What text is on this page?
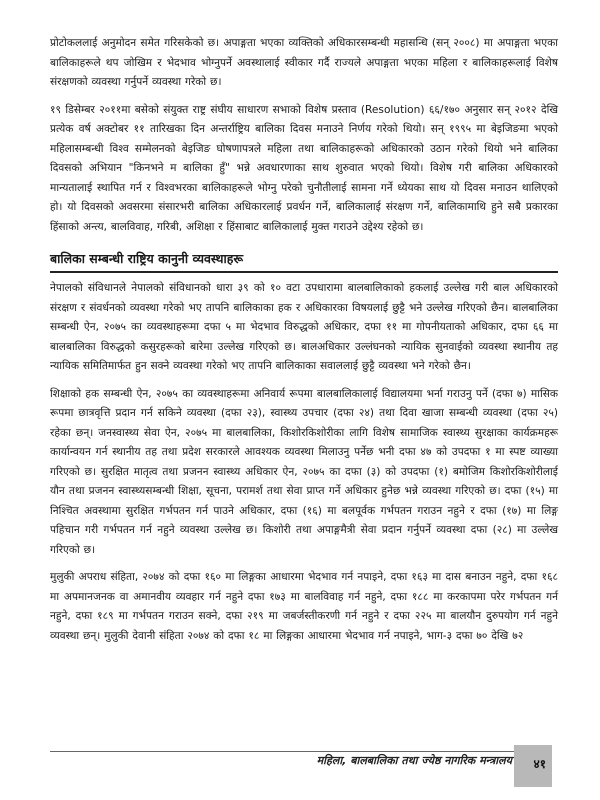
प्रोटोकललाई अनुमोदन समेत गरिसकेको छ। अपाङ्गता भएका व्यक्तिको अधिकारसम्बन्धी महासन्धि (सन् २००८) मा अपाङ्गता भएका बालिकाहरूले थप जोखिम र भेदभाव भोग्नुपर्ने अवस्थालाई स्वीकार गर्दै राज्यले अपाङ्गता भएका महिला र बालिकाहरूलाई विशेष संरक्षणको व्यवस्था गर्नुपर्ने व्यवस्था गरेको छ।

१९ डिसेम्बर २०११मा बसेको संयुक्त राष्ट्र संघीय साधारण सभाको विशेष प्रस्ताव (Resolution) ६६/१७० अनुसार सन् २०१२ देखि प्रत्येक वर्ष अक्टोबर ११ तारिखका दिन अन्तर्राष्ट्रिय बालिका दिवस मनाउने निर्णय गरेको थियो। सन् १९९५ मा बेइजिङमा भएको महिलासम्बन्धी विश्व सम्मेलनको बेइजिङ घोषणापत्रले महिला तथा बालिकाहरूको अधिकारको उठान गरेको थियो भने बालिका दिवसको अभियान "किनभने म बालिका हुँ" भन्ने अवधारणाका साथ शुरुवात भएको थियो। विशेष गरी बालिका अधिकारको मान्यतालाई स्थापित गर्न र विश्वभरका बालिकाहरूले भोग्नु परेको चुनौतीलाई सामना गर्ने ध्येयका साथ यो दिवस मनाउन थालिएको हो। यो दिवसको अवसरमा संसारभरी बालिका अधिकारलाई प्रवर्धन गर्ने, बालिकालाई संरक्षण गर्ने, बालिकामाथि हुने सबै प्रकारका हिंसाको अन्त्य, बालविवाह, गरिबी, अशिक्षा र हिंसाबाट बालिकालाई मुक्त गराउने उद्देश्य रहेको छ।

बालिका सम्बन्धी राष्ट्रिय कानुनी व्यवस्थाहरू

नेपालको संविधानले नेपालको संविधानको धारा ३९ को १० वटा उपधारामा बालबालिकाको हकलाई उल्लेख गरी बाल अधिकारको संरक्षण र संवर्धनको व्यवस्था गरेको भए तापनि बालिकाका हक र अधिकारका विषयलाई छुट्टै भने उल्लेख गरिएको छैन। बालबालिका सम्बन्धी ऐन, २०७५ का व्यवस्थाहरूमा दफा ५ मा भेदभाव विरुद्धको अधिकार, दफा ११ मा गोपनीयताको अधिकार, दफा ६६ मा बालबालिका विरुद्धको कसुरहरूको बारेमा उल्लेख गरिएको छ। बालअधिकार उल्लंघनको न्यायिक सुनवाईको व्यवस्था स्थानीय तह न्यायिक समितिमार्फत हुन सक्ने व्यवस्था गरेको भए तापनि बालिकाका सवाललाई छुट्टै व्यवस्था भने गरेको छैन।

शिक्षाको हक सम्बन्धी ऐन, २०७५ का व्यवस्थाहरूमा अनिवार्य रूपमा बालबालिकालाई विद्यालयमा भर्ना गराउनु पर्ने (दफा ७) मासिक रूपमा छात्रवृत्ति प्रदान गर्न सकिने व्यवस्था (दफा २३), स्वास्थ्य उपचार (दफा २४) तथा दिवा खाजा सम्बन्धी व्यवस्था (दफा २५) रहेका छन्। जनस्वास्थ्य सेवा ऐन, २०७५ मा बालबालिका, किशोरकिशोरीका लागि विशेष सामाजिक स्वास्थ्य सुरक्षाका कार्यक्रमहरू कार्यान्वयन गर्न स्थानीय तह तथा प्रदेश सरकारले आवश्यक व्यवस्था मिलाउनु पर्नेछ भनी दफा ४७ को उपदफा १ मा स्पष्ट व्याख्या गरिएको छ। सुरक्षित मातृत्व तथा प्रजनन स्वास्थ्य अधिकार ऐन, २०७५ का दफा (३) को उपदफा (१) बमोजिम किशोरकिशोरीलाई यौन तथा प्रजनन स्वास्थ्यसम्बन्धी शिक्षा, सूचना, परामर्श तथा सेवा प्राप्त गर्ने अधिकार हुनेछ भन्ने व्यवस्था गरिएको छ। दफा (१५) मा निश्चित अवस्थामा सुरक्षित गर्भपतन गर्न पाउने अधिकार, दफा (१६) मा बलपूर्वक गर्भपतन गराउन नहुने र दफा (१७) मा लिङ्ग पहिचान गरी गर्भपतन गर्न नहुने व्यवस्था उल्लेख छ। किशोरी तथा अपाङ्गमैत्री सेवा प्रदान गर्नुपर्ने व्यवस्था दफा (२८) मा उल्लेख गरिएको छ।

मुलुकी अपराध संहिता, २०७४ को दफा १६० मा लिङ्गका आधारमा भेदभाव गर्न नपाइने, दफा १६३ मा दास बनाउन नहुने, दफा १६८ मा अपमानजनक वा अमानवीय व्यवहार गर्न नहुने दफा १७३ मा बालविवाह गर्न नहुने, दफा १८८ मा करकापमा परेर गर्भपतन गर्न नहुने, दफा १८९ मा गर्भपतन गराउन सक्ने, दफा २१९ मा जबर्जस्तीकरणी गर्न नहुने र दफा २२५ मा बालयौन दुरुपयोग गर्न नहुने व्यवस्था छन्। मुलुकी देवानी संहिता २०७४ को दफा १८ मा लिङ्गका आधारमा भेदभाव गर्न नपाइने, भाग-३ दफा ७० देखि ७२

महिला, बालबालिका तथा ज्येष्ठ नागरिक मन्त्रालय ४१
